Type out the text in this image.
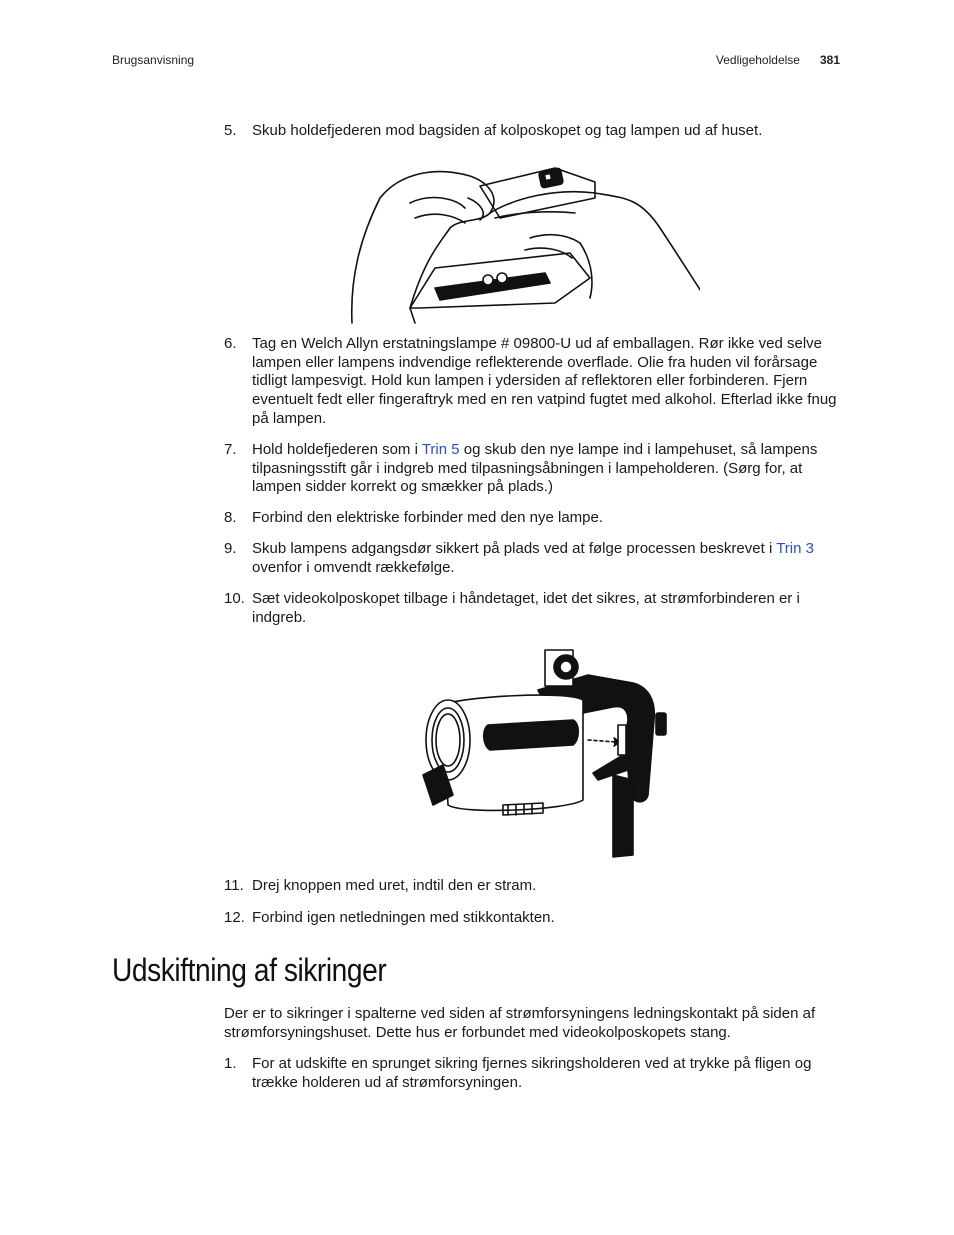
Brugsanvisning	Vedligeholdelse 381
5. Skub holdefjederen mod bagsiden af kolposkopet og tag lampen ud af huset.
6. Tag en Welch Allyn erstatningslampe # 09800-U ud af emballagen. Rør ikke ved selve lampen eller lampens indvendige reflekterende overflade. Olie fra huden vil forårsage tidligt lampesvigt. Hold kun lampen i ydersiden af reflektoren eller forbinderen. Fjern eventuelt fedt eller fingeraftryk med en ren vatpind fugtet med alkohol. Efterlad ikke fnug på lampen.
7. Hold holdefjederen som i Trin 5 og skub den nye lampe ind i lampehuset, så lampens tilpasningsstift går i indgreb med tilpasningsåbningen i lampeholderen. (Sørg for, at lampen sidder korrekt og smækker på plads.)
8. Forbind den elektriske forbinder med den nye lampe.
9. Skub lampens adgangsdør sikkert på plads ved at følge processen beskrevet i Trin 3 ovenfor i omvendt rækkefølge.
10. Sæt videokolposkopet tilbage i håndetaget, idet det sikres, at strømforbinderen er i indgreb.
11. Drej knoppen med uret, indtil den er stram.
12. Forbind igen netledningen med stikkontakten.
Udskiftning af sikringer
Der er to sikringer i spalterne ved siden af strømforsyningens ledningskontakt på siden af strømforsyningshuset. Dette hus er forbundet med videokolposkopets stang.
1. For at udskifte en sprunget sikring fjernes sikringsholderen ved at trykke på fligen og trække holderen ud af strømforsyningen.
